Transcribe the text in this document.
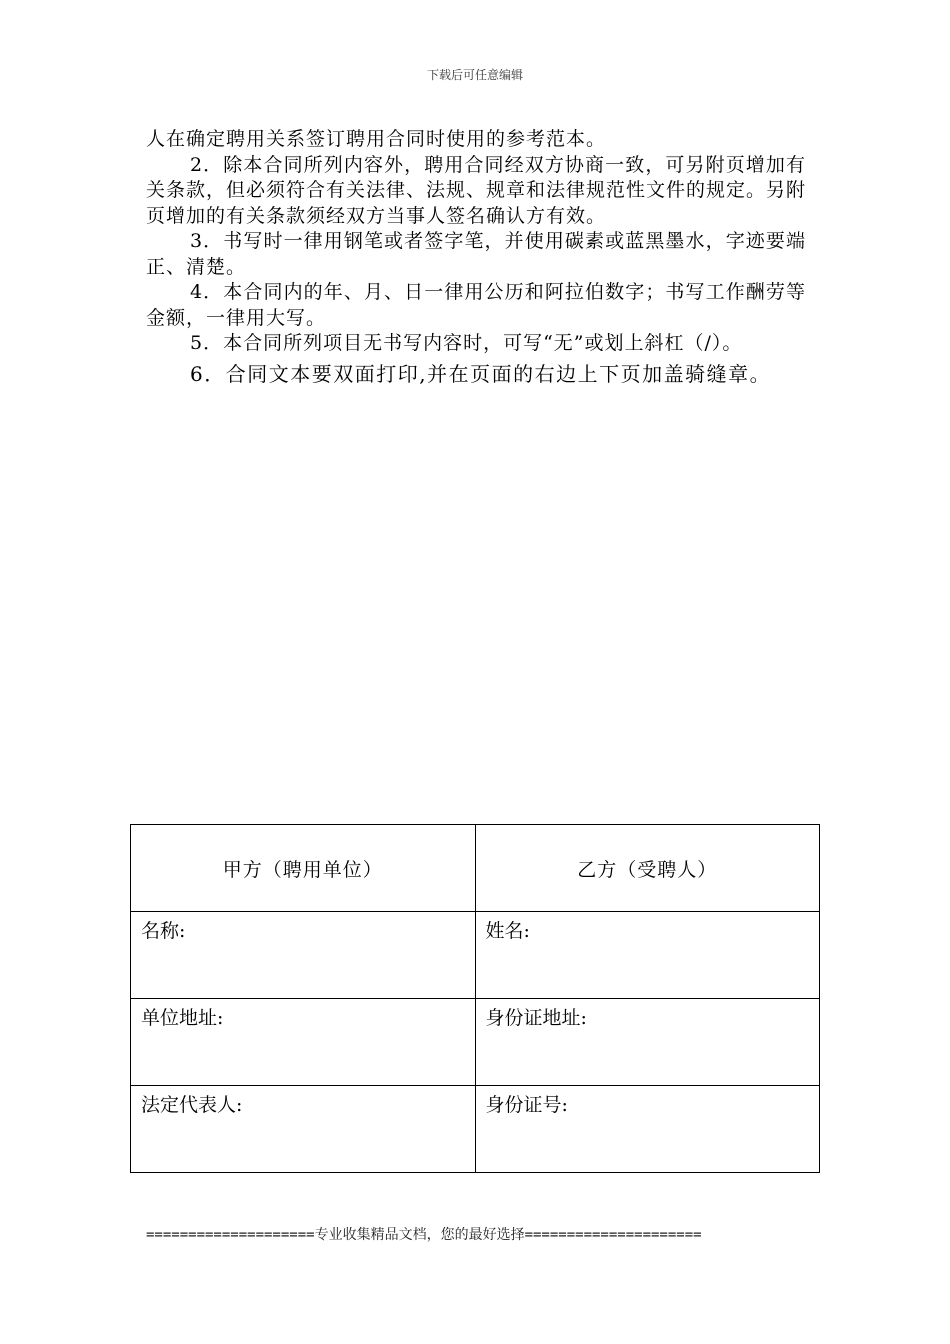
下载后可任意编辑

人在确定聘用关系签订聘用合同时使用的参考范本。

2．除本合同所列内容外，聘用合同经双方协商一致，可另附页增加有关条款，但必须符合有关法律、法规、规章和法律规范性文件的规定。另附页增加的有关条款须经双方当事人签名确认方有效。

3．书写时一律用钢笔或者签字笔，并使用碳素或蓝黑墨水，字迹要端正、清楚。

4．本合同内的年、月、日一律用公历和阿拉伯数字；书写工作酬劳等金额，一律用大写。

5．本合同所列项目无书写内容时，可写“无”或划上斜杠（/）。

6．合同文本要双面打印,并在页面的右边上下页加盖骑缝章。

甲方（聘用单位）	乙方（受聘人）
名称:	姓名:
单位地址:	身份证地址:
法定代表人:	身份证号:
====================专业收集精品文档，您的最好选择=====================
